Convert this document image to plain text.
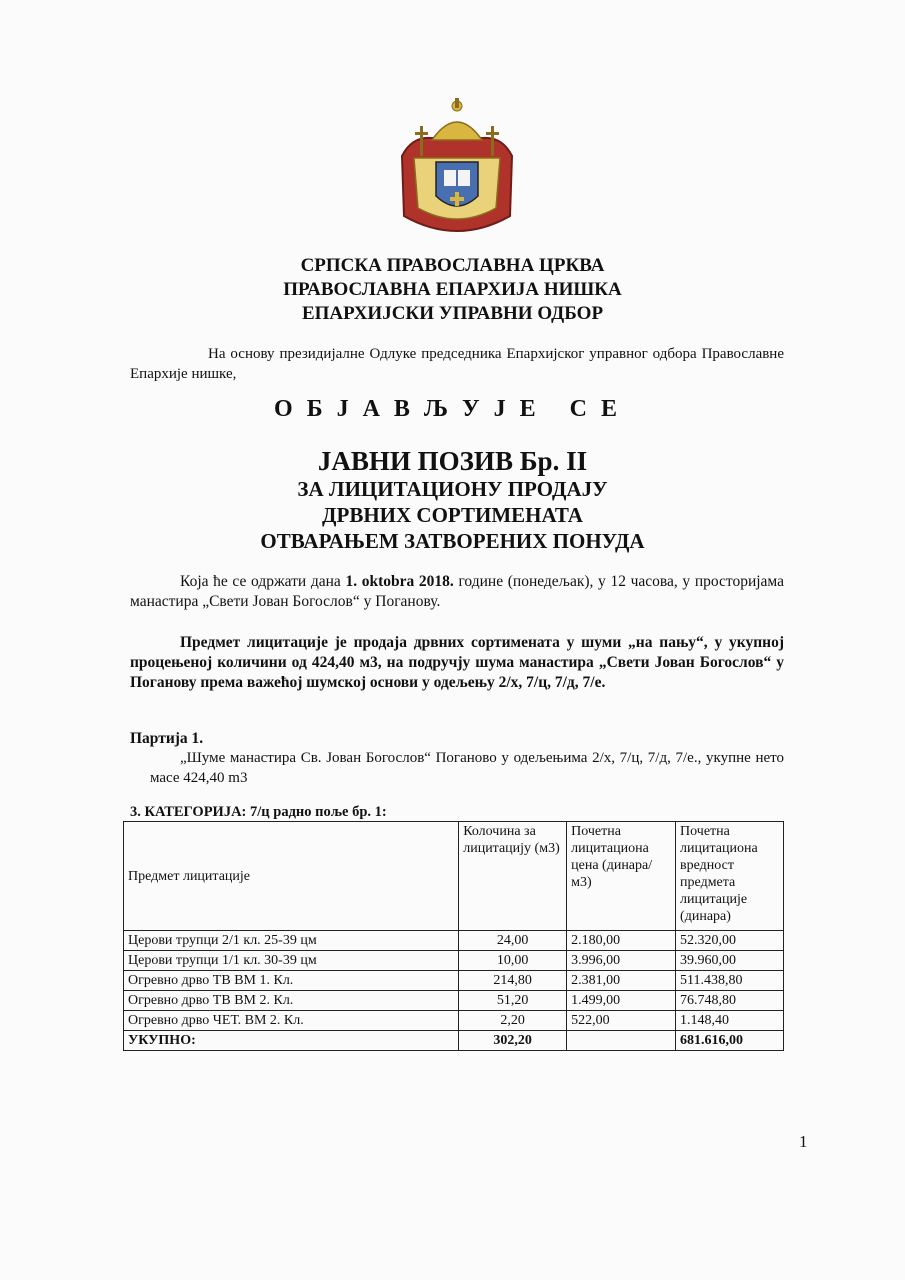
СРПСКА ПРАВОСЛАВНА ЦРКВА
ПРАВОСЛАВНА ЕПАРХИЈА НИШКА
ЕПАРХИЈСКИ УПРАВНИ ОДБОР
На основу президијалне Одлуке председника Епархијског управног одбора Православне Епархије нишке,
ОБЈАВЉУЈЕ СЕ
ЈАВНИ ПОЗИВ Бр. II
ЗА ЛИЦИТАЦИОНУ ПРОДАЈУ
ДРВНИХ СОРТИМЕНАТА
ОТВАРАЊЕМ ЗАТВОРЕНИХ ПОНУДА
Која ће се одржати дана 1. oktobra 2018. године (понедељак), у 12 часова, у просторијама манастира „Свети Јован Богослов“ у Поганову.
Предмет лицитације је продаја дрвних сортимената у шуми „на пању“, у укупној процењеној количини од 424,40 м3, на подручју шума манастира „Свети Јован Богослов“ у Поганову према важећој шумској основи у одељењу 2/х, 7/ц, 7/д, 7/е.
Партија 1.
„Шуме манастира Св. Јован Богослов“ Поганово у одељењима 2/х, 7/ц, 7/д, 7/е., укупне нето масе 424,40 m3
3. КАТЕГОРИЈА: 7/ц радно поље бр. 1:
Предмет лицитације	Колочина за лицитацију (м3)	Почетна лицитациона цена (динара/м3)	Почетна лицитациона вредност предмета лицитације (динара)
Церови трупци 2/1 кл. 25-39 цм	24,00	2.180,00	52.320,00
Церови трупци 1/1 кл. 30-39 цм	10,00	3.996,00	39.960,00
Огревно дрво ТВ ВМ 1. Кл.	214,80	2.381,00	511.438,80
Огревно дрво ТВ ВМ 2. Кл.	51,20	1.499,00	76.748,80
Огревно дрво ЧЕТ. ВМ 2. Кл.	2,20	522,00	1.148,40
УКУПНО:	302,20		681.616,00
1
